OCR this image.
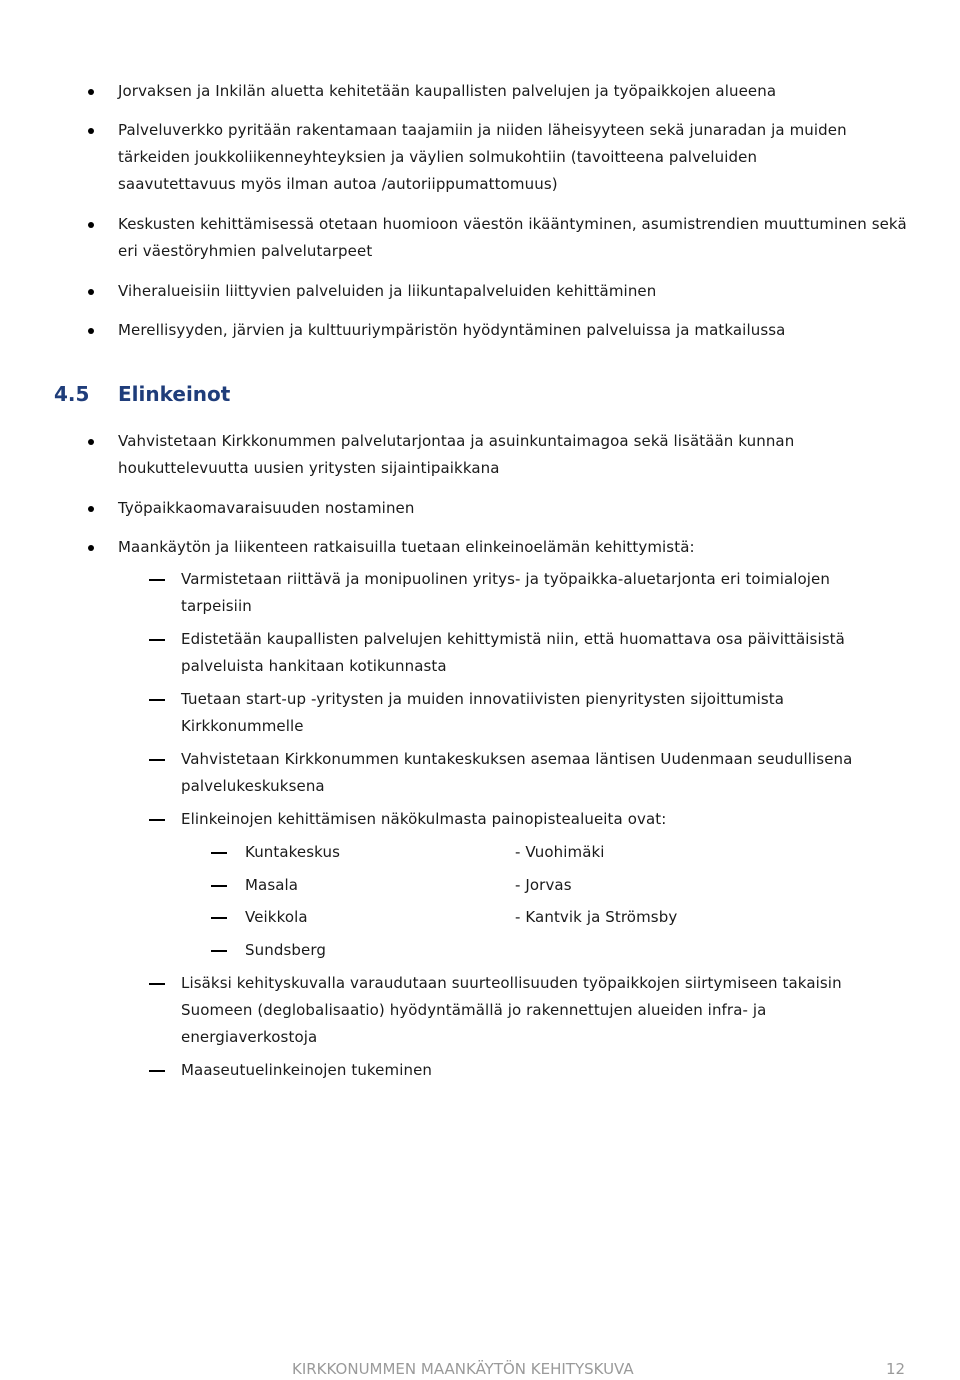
Jorvaksen ja Inkilän aluetta kehitetään kaupallisten palvelujen ja työpaikkojen alueena

Palveluverkko pyritään rakentamaan taajamiin ja niiden läheisyyteen sekä junaradan ja muiden tärkeiden joukkoliikenneyhteyksien ja väylien solmukohtiin (tavoitteena palveluiden saavutettavuus myös ilman autoa /autoriippumattomuus)

Keskusten kehittämisessä otetaan huomioon väestön ikääntyminen, asumistrendien muuttuminen sekä eri väestöryhmien palvelutarpeet

Viheralueisiin liittyvien palveluiden ja liikuntapalveluiden kehittäminen

Merellisyyden, järvien ja kulttuuriympäristön hyödyntäminen palveluissa ja matkailussa

4.5 Elinkeinot

Vahvistetaan Kirkkonummen palvelutarjontaa ja asuinkuntaimagoa sekä lisätään kunnan houkuttelevuutta uusien yritysten sijaintipaikkana

Työpaikkaomavaraisuuden nostaminen

Maankäytön ja liikenteen ratkaisuilla tuetaan elinkeinoelämän kehittymistä:

Varmistetaan riittävä ja monipuolinen yritys- ja työpaikka-aluetarjonta eri toimialojen tarpeisiin

Edistetään kaupallisten palvelujen kehittymistä niin, että huomattava osa päivittäisistä palveluista hankitaan kotikunnasta

Tuetaan start-up -yritysten ja muiden innovatiivisten pienyritysten sijoittumista Kirkkonummelle

Vahvistetaan Kirkkonummen kuntakeskuksen asemaa läntisen Uudenmaan seudullisena palvelukeskuksena

Elinkeinojen kehittämisen näkökulmasta painopistealueita ovat:

Kuntakeskus	- Vuohimäki

Masala	- Jorvas

Veikkola	- Kantvik ja Strömsby

Sundsberg

Lisäksi kehityskuvalla varaudutaan suurteollisuuden työpaikkojen siirtymiseen takaisin Suomeen (deglobalisaatio) hyödyntämällä jo rakennettujen alueiden infra- ja energiaverkostoja

Maaseutuelinkeinojen tukeminen

KIRKKONUMMEN MAANKÄYTÖN KEHITYSKUVA	12
